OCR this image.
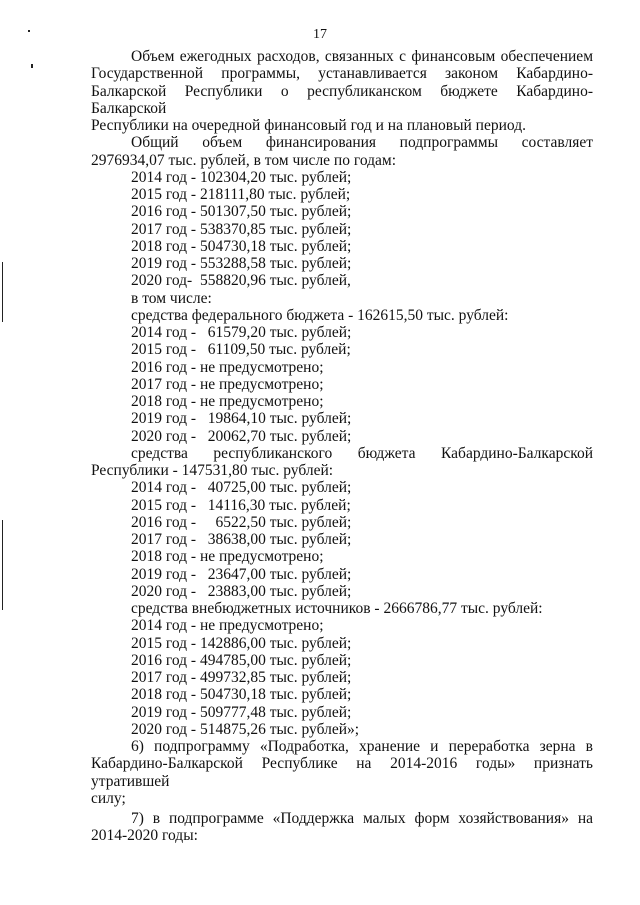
17
Объем ежегодных расходов, связанных с финансовым обеспечением
Государственной программы, устанавливается законом Кабардино-
Балкарской Республики о республиканском бюджете Кабардино-Балкарской
Республики на очередной финансовый год и на плановый период.
Общий объем финансирования подпрограммы составляет
2976934,07 тыс. рублей, в том числе по годам:
2014 год - 102304,20 тыс. рублей;
2015 год - 218111,80 тыс. рублей;
2016 год - 501307,50 тыс. рублей;
2017 год - 538370,85 тыс. рублей;
2018 год - 504730,18 тыс. рублей;
2019 год - 553288,58 тыс. рублей;
2020 год-  558820,96 тыс. рублей,
в том числе:
средства федерального бюджета - 162615,50 тыс. рублей:
2014 год -   61579,20 тыс. рублей;
2015 год -   61109,50 тыс. рублей;
2016 год - не предусмотрено;
2017 год - не предусмотрено;
2018 год - не предусмотрено;
2019 год -   19864,10 тыс. рублей;
2020 год -   20062,70 тыс. рублей;
средства республиканского бюджета Кабардино-Балкарской
Республики - 147531,80 тыс. рублей:
2014 год -   40725,00 тыс. рублей;
2015 год -   14116,30 тыс. рублей;
2016 год -     6522,50 тыс. рублей;
2017 год -   38638,00 тыс. рублей;
2018 год - не предусмотрено;
2019 год -   23647,00 тыс. рублей;
2020 год -   23883,00 тыс. рублей;
средства внебюджетных источников - 2666786,77 тыс. рублей:
2014 год - не предусмотрено;
2015 год - 142886,00 тыс. рублей;
2016 год - 494785,00 тыс. рублей;
2017 год - 499732,85 тыс. рублей;
2018 год - 504730,18 тыс. рублей;
2019 год - 509777,48 тыс. рублей;
2020 год - 514875,26 тыс. рублей»;
6) подпрограмму «Подработка, хранение и переработка зерна в
Кабардино-Балкарской Республике на 2014-2016 годы» признать утратившей
силу;
7) в подпрограмме «Поддержка малых форм хозяйствования» на
2014-2020 годы:
